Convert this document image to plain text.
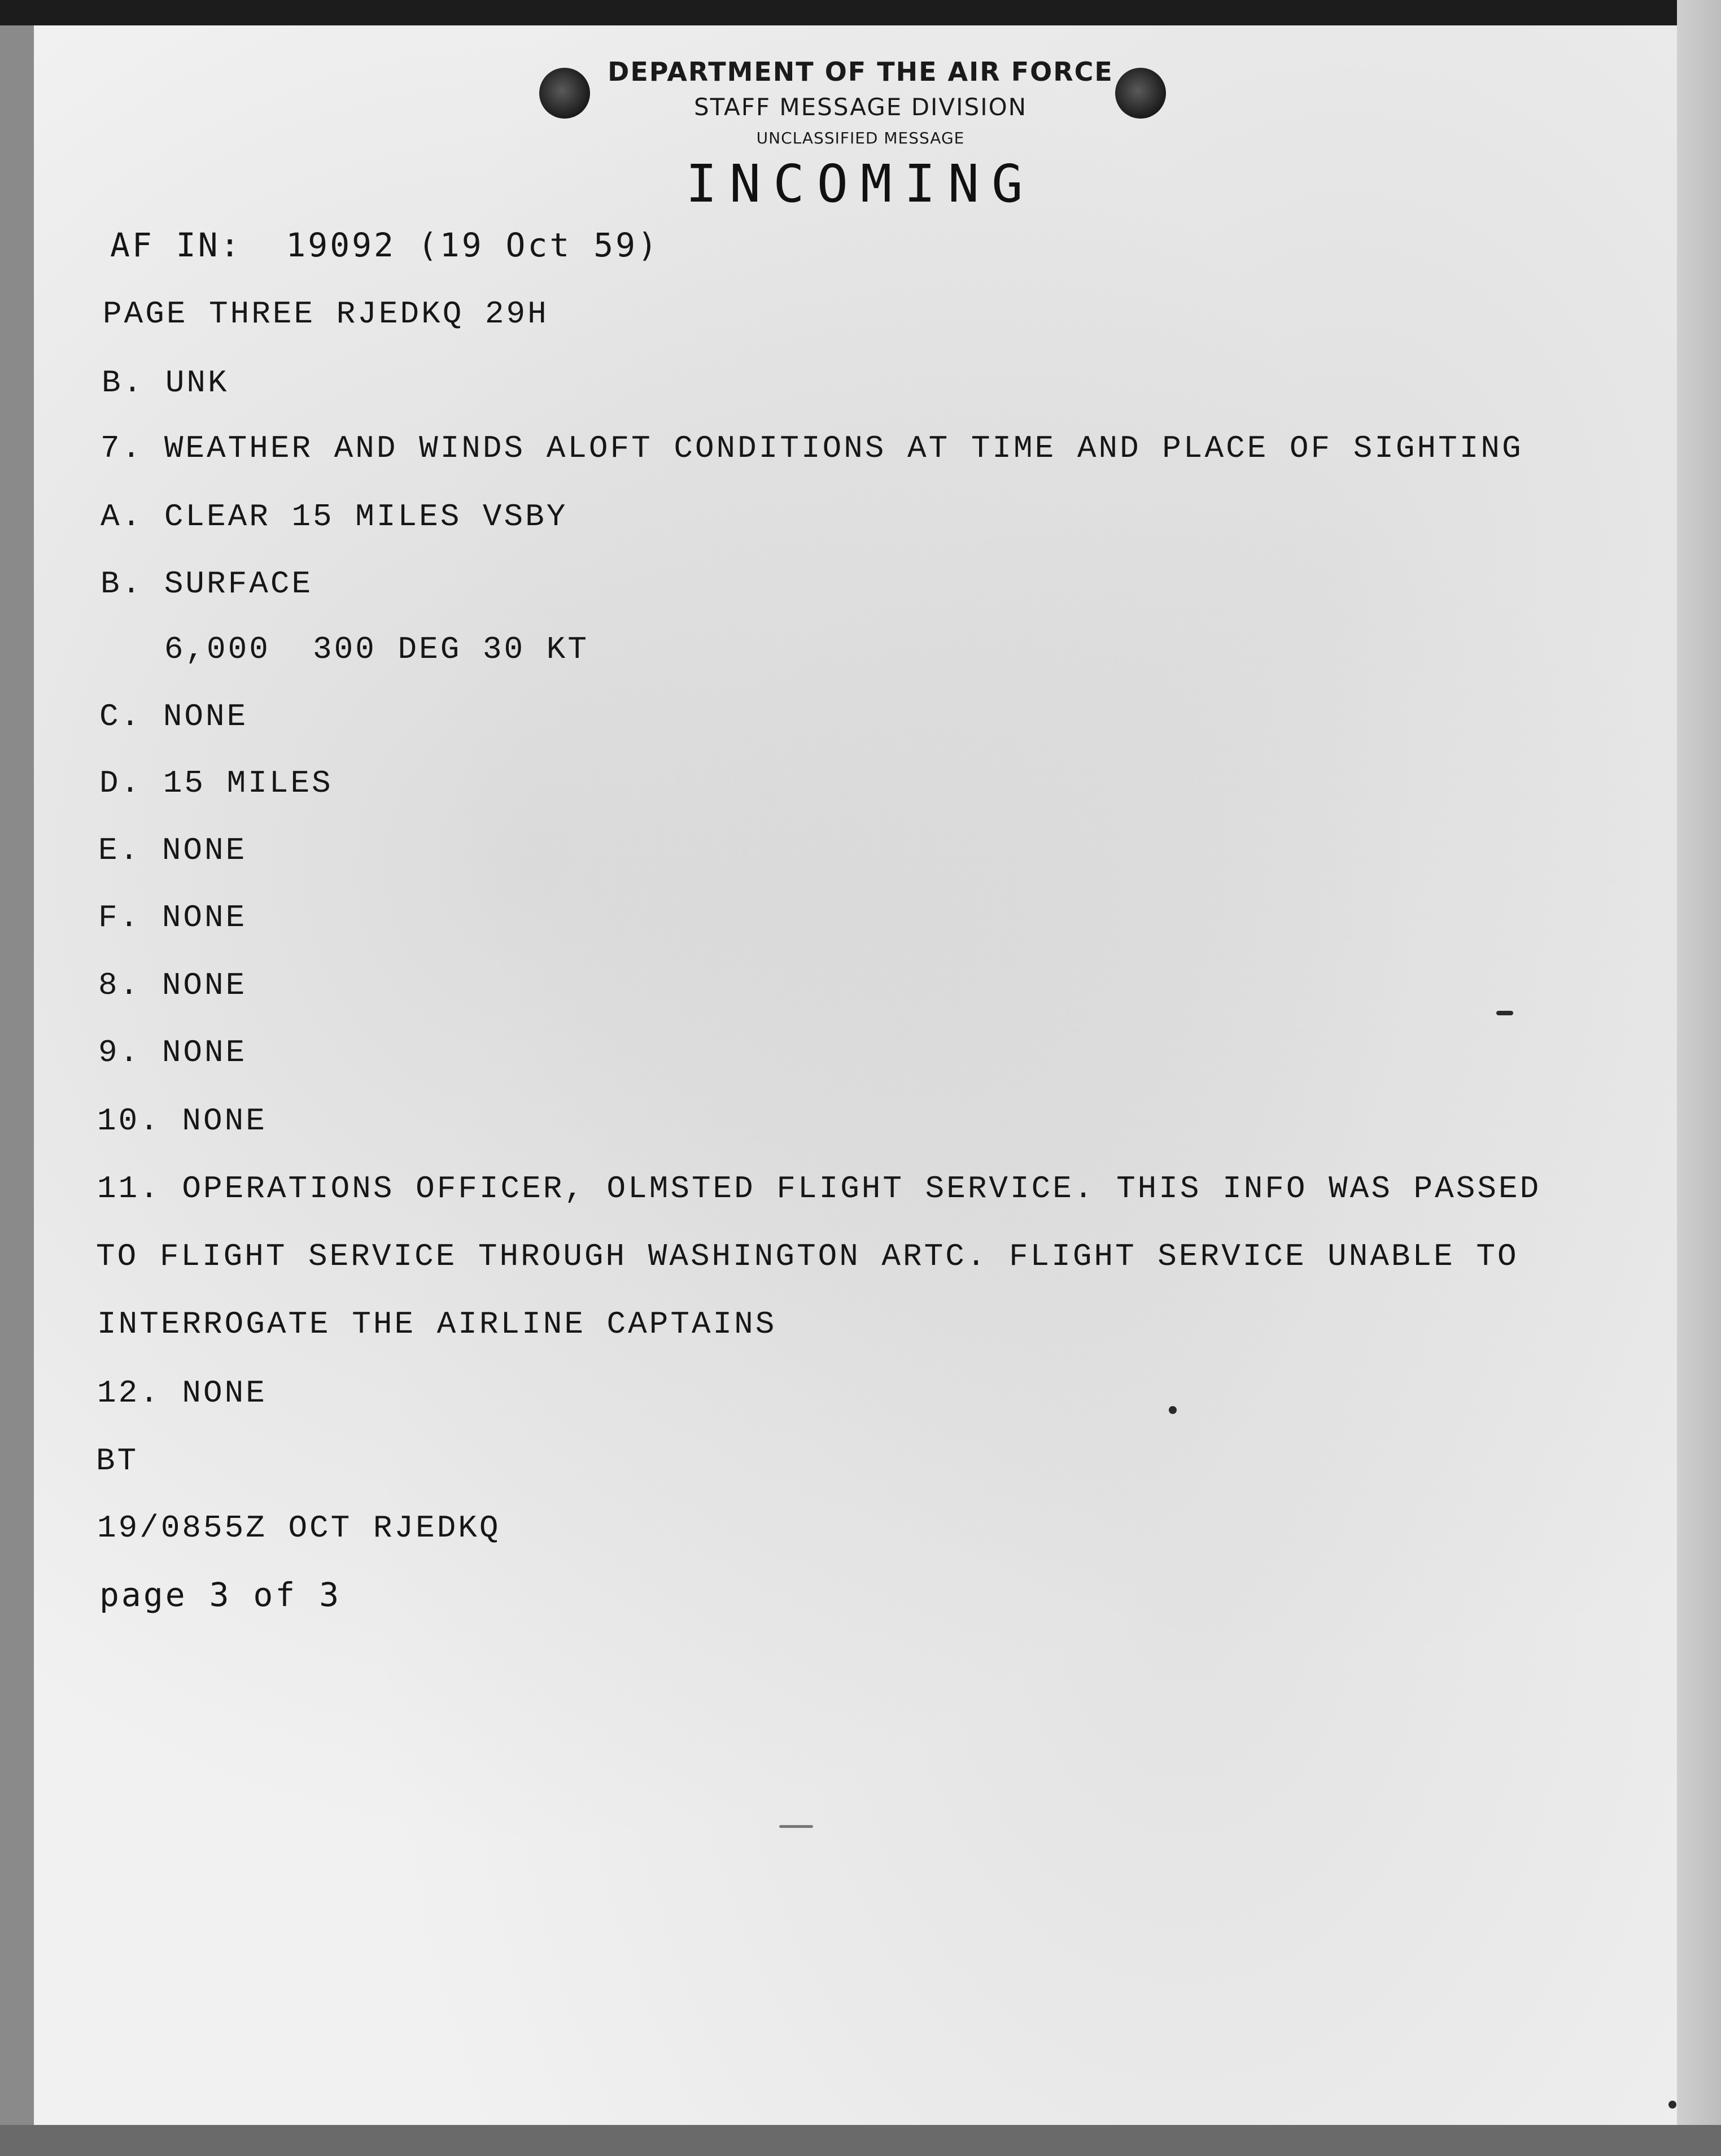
DEPARTMENT OF THE AIR FORCE
STAFF MESSAGE DIVISION
UNCLASSIFIED MESSAGE
INCOMING
AF IN:  19092 (19 Oct 59)
PAGE THREE RJEDKQ 29H
B. UNK
7. WEATHER AND WINDS ALOFT CONDITIONS AT TIME AND PLACE OF SIGHTING
A. CLEAR 15 MILES VSBY
B. SURFACE
6,000  300 DEG 30 KT
C. NONE
D. 15 MILES
E. NONE
F. NONE
8. NONE
9. NONE
10. NONE
11. OPERATIONS OFFICER, OLMSTED FLIGHT SERVICE. THIS INFO WAS PASSED
TO FLIGHT SERVICE THROUGH WASHINGTON ARTC. FLIGHT SERVICE UNABLE TO
INTERROGATE THE AIRLINE CAPTAINS
12. NONE
BT
19/0855Z OCT RJEDKQ
page 3 of 3
